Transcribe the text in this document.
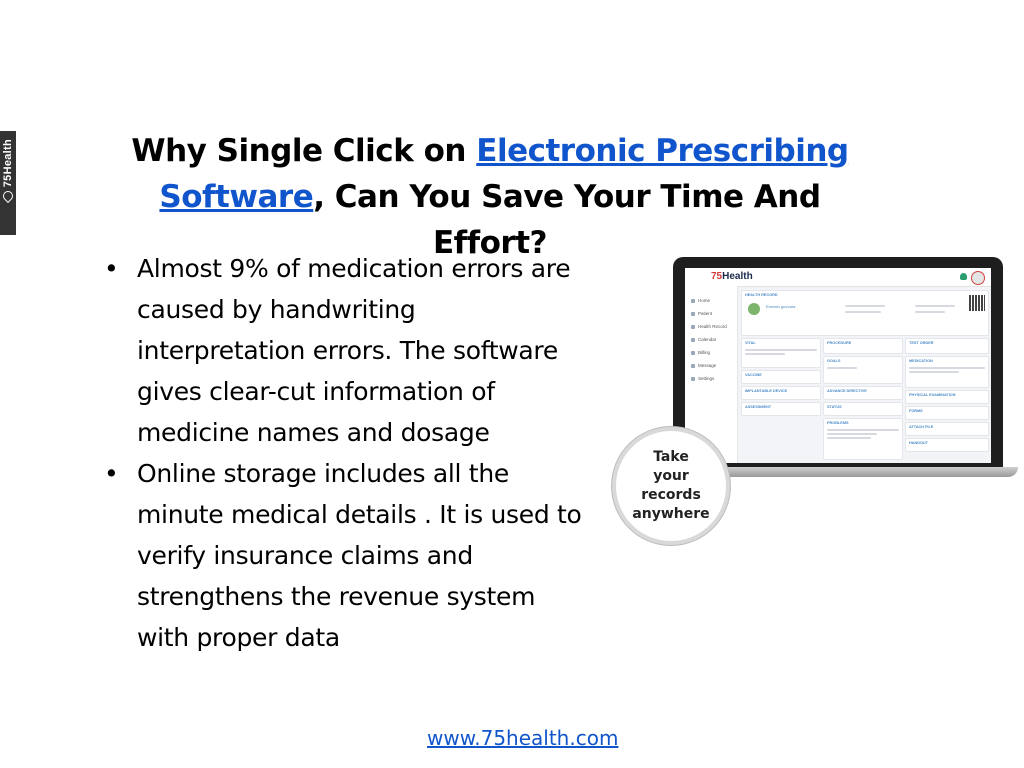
75Health	Why Single Click on Electronic Prescribing Software, Can You Save Your Time And Effort?
• Almost 9% of medication errors are caused by handwriting interpretation errors. The software gives clear-cut information of medicine names and dosage
• Online storage includes all the minute medical details . It is used to verify insurance claims and strengthens the revenue system with proper data
75Health
Home
Patient
Health Record
Calendar
Billing
Message
Settings
HEALTH RECORD
Ernesto guevara
VITAL	PROCEDURE	TEST ORDER
MEDICATION
GOALS
ADVANCE DIRECTIVE
VACCINE
IMPLANTABLE DEVICE
STATUS
PHYSICAL EXAMINATION
ASSESSMENT
PROBLEMS
FORMS
ATTACH FILE
HANDOUT
Take
your
records
anywhere
www.75health.com
